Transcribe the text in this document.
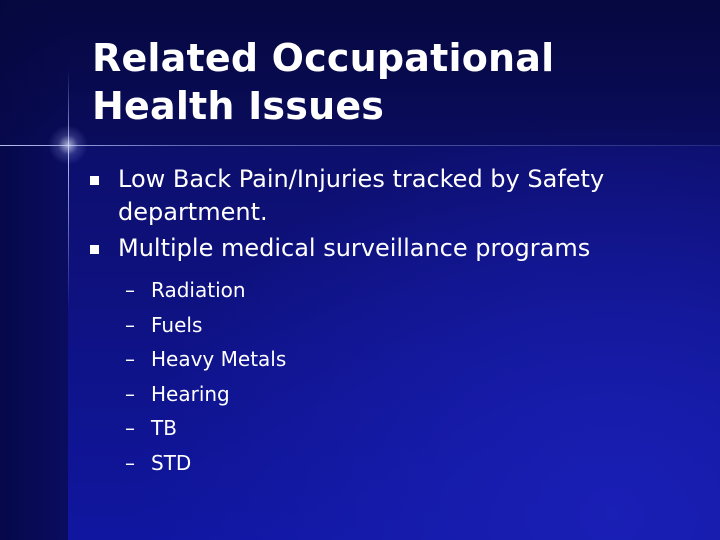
Related Occupational
Health Issues
Low Back Pain/Injuries tracked by Safety
department.
Multiple medical surveillance programs
– Radiation
– Fuels
– Heavy Metals
– Hearing
– TB
– STD
